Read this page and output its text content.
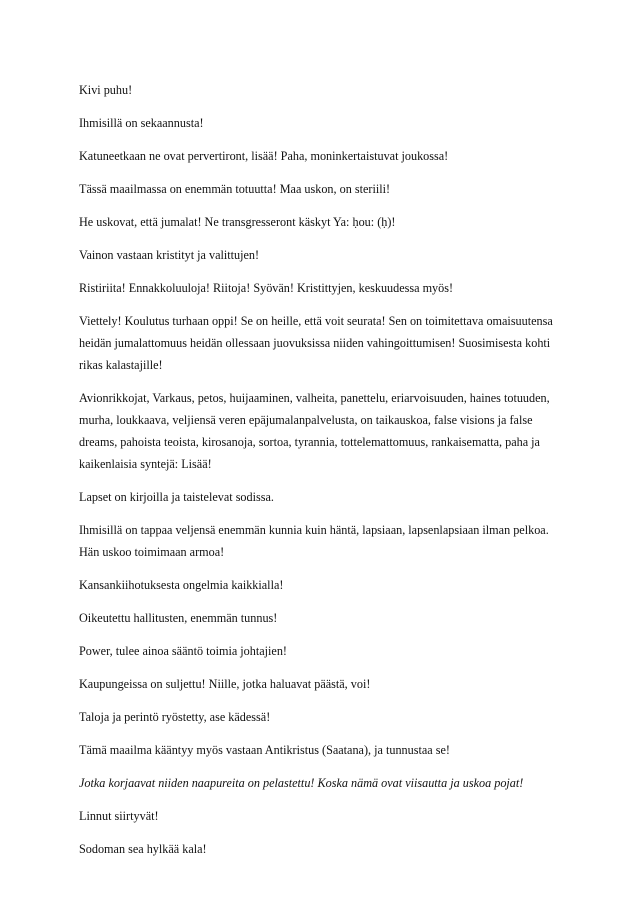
Kivi puhu!

Ihmisillä on sekaannusta!

Katuneetkaan ne ovat pervertiront, lisää! Paha, moninkertaistuvat joukossa!

Tässä maailmassa on enemmän totuutta! Maa uskon, on steriili!

He uskovat, että jumalat! Ne transgresseront käskyt Ya: ḥou: (ḥ)!

Vainon vastaan kristityt ja valittujen!

Ristiriita! Ennakkoluuloja! Riitoja! Syövän! Kristittyjen, keskuudessa myös!

Viettely! Koulutus turhaan oppi! Se on heille, että voit seurata! Sen on toimitettava omaisuutensa heidän jumalattomuus heidän ollessaan juovuksissa niiden vahingoittumisen! Suosimisesta kohti rikas kalastajille!

Avionrikkojat, Varkaus, petos, huijaaminen, valheita, panettelu, eriarvoisuuden, haines totuuden, murha, loukkaava, veljiensä veren epäjumalanpalvelusta, on taikauskoa, false visions ja false dreams, pahoista teoista, kirosanoja, sortoa, tyrannia, tottelemattomuus, rankaisematta, paha ja kaikenlaisia syntejä: Lisää!

Lapset on kirjoilla ja taistelevat sodissa.

Ihmisillä on tappaa veljensä enemmän kunnia kuin häntä, lapsiaan, lapsenlapsiaan ilman pelkoa. Hän uskoo toimimaan armoa!

Kansankiihotuksesta ongelmia kaikkialla!

Oikeutettu hallitusten, enemmän tunnus!

Power, tulee ainoa sääntö toimia johtajien!

Kaupungeissa on suljettu! Niille, jotka haluavat päästä, voi!

Taloja ja perintö ryöstetty, ase kädessä!

Tämä maailma kääntyy myös vastaan Antikristus (Saatana), ja tunnustaa se!

Jotka korjaavat niiden naapureita on pelastettu! Koska nämä ovat viisautta ja uskoa pojat!

Linnut siirtyvät!

Sodoman sea hylkää kala!
